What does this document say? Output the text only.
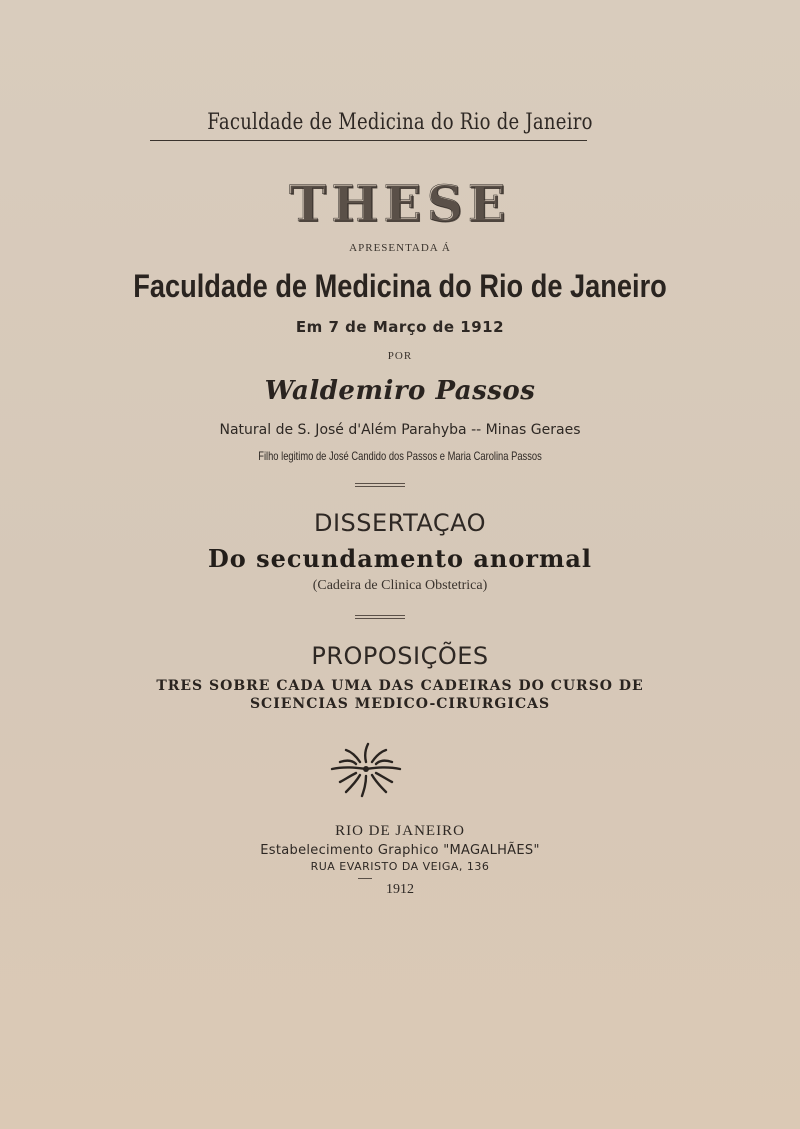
Faculdade de Medicina do Rio de Janeiro
THESE
APRESENTADA Á
Faculdade de Medicina do Rio de Janeiro
Em 7 de Março de 1912
POR
Waldemiro Passos
Natural de S. José d'Além Parahyba -- Minas Geraes
Filho legitimo de José Candido dos Passos e Maria Carolina Passos
DISSERTAÇAO
Do secundamento anormal
(Cadeira de Clinica Obstetrica)
PROPOSIÇÕES
TRES SOBRE CADA UMA DAS CADEIRAS DO CURSO DE
SCIENCIAS MEDICO-CIRURGICAS
RIO DE JANEIRO
Estabelecimento Graphico "MAGALHÃES"
RUA EVARISTO DA VEIGA, 136
1912
